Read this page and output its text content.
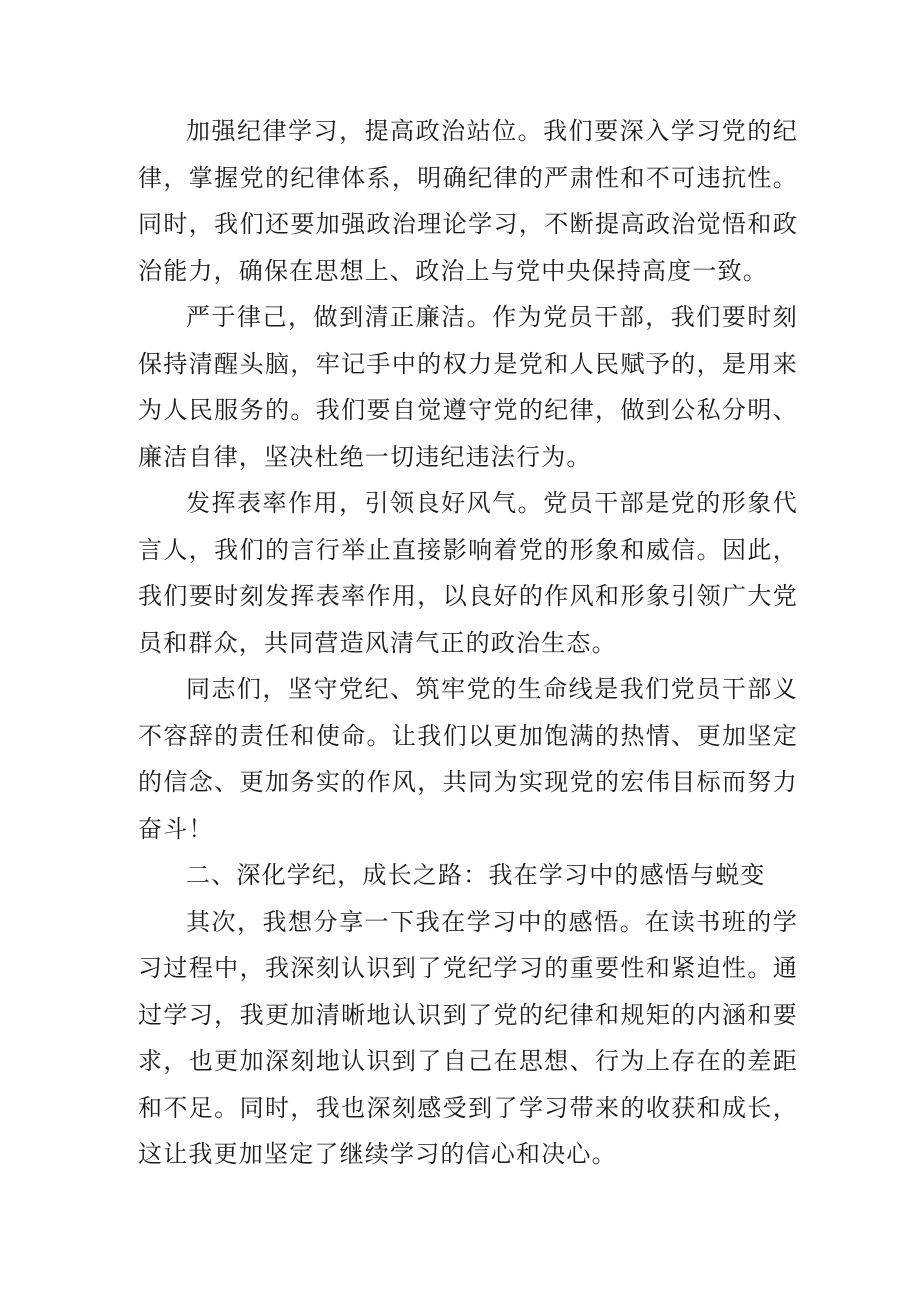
加强纪律学习，提高政治站位。我们要深入学习党的纪律，掌握党的纪律体系，明确纪律的严肃性和不可违抗性。同时，我们还要加强政治理论学习，不断提高政治觉悟和政治能力，确保在思想上、政治上与党中央保持高度一致。

严于律己，做到清正廉洁。作为党员干部，我们要时刻保持清醒头脑，牢记手中的权力是党和人民赋予的，是用来为人民服务的。我们要自觉遵守党的纪律，做到公私分明、廉洁自律，坚决杜绝一切违纪违法行为。

发挥表率作用，引领良好风气。党员干部是党的形象代言人，我们的言行举止直接影响着党的形象和威信。因此，我们要时刻发挥表率作用，以良好的作风和形象引领广大党员和群众，共同营造风清气正的政治生态。

同志们，坚守党纪、筑牢党的生命线是我们党员干部义不容辞的责任和使命。让我们以更加饱满的热情、更加坚定的信念、更加务实的作风，共同为实现党的宏伟目标而努力奋斗！

二、深化学纪，成长之路：我在学习中的感悟与蜕变

其次，我想分享一下我在学习中的感悟。在读书班的学习过程中，我深刻认识到了党纪学习的重要性和紧迫性。通过学习，我更加清晰地认识到了党的纪律和规矩的内涵和要求，也更加深刻地认识到了自己在思想、行为上存在的差距和不足。同时，我也深刻感受到了学习带来的收获和成长，这让我更加坚定了继续学习的信心和决心。
